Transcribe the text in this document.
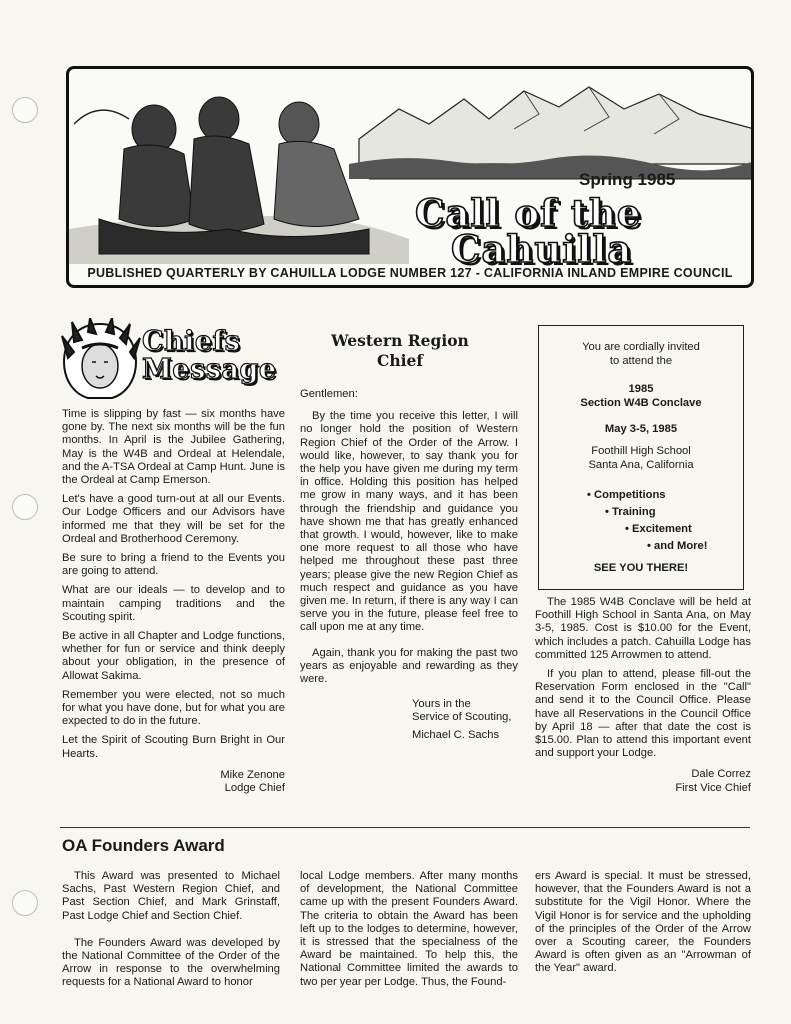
Spring 1985
Call of the
Cahuilla
PUBLISHED QUARTERLY BY CAHUILLA LODGE NUMBER 127 - CALIFORNIA INLAND EMPIRE COUNCIL
Chiefs
Message

Time is slipping by fast — six months have gone by. The next six months will be the fun months. In April is the Jubilee Gathering, May is the W4B and Ordeal at Helendale, and the A-TSA Ordeal at Camp Hunt. June is the Ordeal at Camp Emerson.

Let's have a good turn-out at all our Events. Our Lodge Officers and our Advisors have informed me that they will be set for the Ordeal and Brotherhood Ceremony.

Be sure to bring a friend to the Events you are going to attend.

What are our ideals — to develop and to maintain camping traditions and the Scouting spirit.

Be active in all Chapter and Lodge functions, whether for fun or service and think deeply about your obligation, in the presence of Allowat Sakima.

Remember you were elected, not so much for what you have done, but for what you are expected to do in the future.

Let the Spirit of Scouting Burn Bright in Our Hearts.

Mike Zenone
Lodge Chief
Western Region
Chief

Gentlemen:

By the time you receive this letter, I will no longer hold the position of Western Region Chief of the Order of the Arrow. I would like, however, to say thank you for the help you have given me during my term in office. Holding this position has helped me grow in many ways, and it has been through the friendship and guidance you have shown me that has greatly enhanced that growth. I would, however, like to make one more request to all those who have helped me throughout these past three years; please give the new Region Chief as much respect and guidance as you have given me. In return, if there is any way I can serve you in the future, please feel free to call upon me at any time.

Again, thank you for making the past two years as enjoyable and rewarding as they were.

Yours in the
Service of Scouting,
Michael C. Sachs
You are cordially invited
to attend the
1985
Section W4B Conclave
May 3-5, 1985
Foothill High School
Santa Ana, California
• Competitions
• Training
• Excitement
• and More!
SEE YOU THERE!

The 1985 W4B Conclave will be held at Foothill High School in Santa Ana, on May 3-5, 1985. Cost is $10.00 for the Event, which includes a patch. Cahuilla Lodge has committed 125 Arrowmen to attend.

If you plan to attend, please fill-out the Reservation Form enclosed in the "Call" and send it to the Council Office. Please have all Reservations in the Council Office by April 18 — after that date the cost is $15.00. Plan to attend this important event and support your Lodge.

Dale Correz
First Vice Chief
OA Founders Award

This Award was presented to Michael Sachs, Past Western Region Chief, and Past Section Chief, and Mark Grinstaff, Past Lodge Chief and Section Chief.

The Founders Award was developed by the National Committee of the Order of the Arrow in response to the overwhelming requests for a National Award to honor

local Lodge members. After many months of development, the National Committee came up with the present Founders Award. The criteria to obtain the Award has been left up to the lodges to determine, however, it is stressed that the specialness of the Award be maintained. To help this, the National Committee limited the awards to two per year per Lodge. Thus, the Found-

ers Award is special. It must be stressed, however, that the Founders Award is not a substitute for the Vigil Honor. Where the Vigil Honor is for service and the upholding of the principles of the Order of the Arrow over a Scouting career, the Founders Award is often given as an "Arrowman of the Year" award.
